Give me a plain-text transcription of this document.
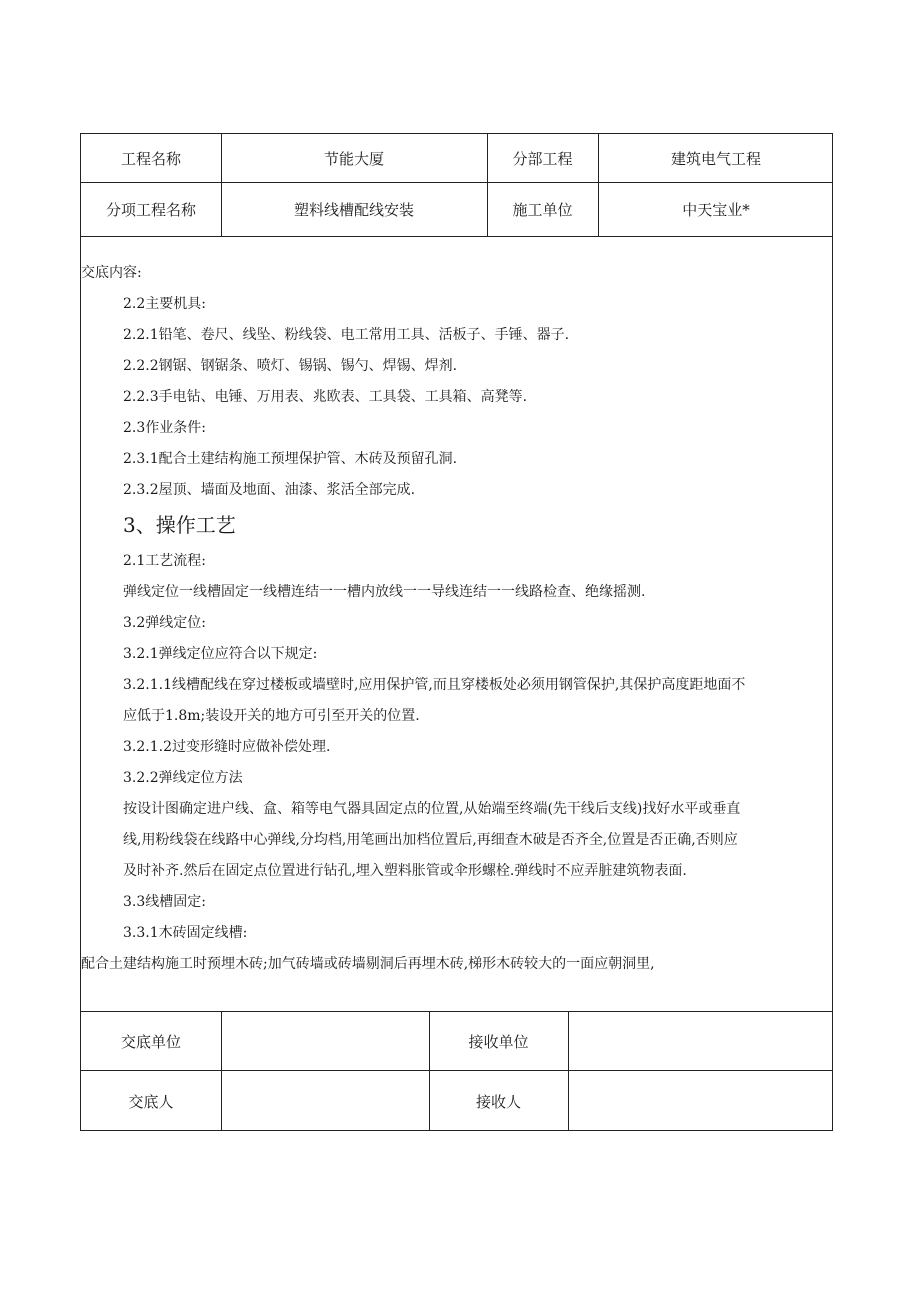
工程名称	节能大厦	分部工程	建筑电气工程
分项工程名称	塑料线槽配线安装	施工单位	中天宝业*
交底内容:
2.2主要机具:
2.2.1铅笔、卷尺、线坠、粉线袋、电工常用工具、活板子、手锤、器子.
2.2.2钢锯、钢锯条、喷灯、锡锅、锡勺、焊锡、焊剂.
2.2.3手电钻、电锤、万用表、兆欧表、工具袋、工具箱、高凳等.
2.3作业条件:
2.3.1配合土建结构施工预埋保护管、木砖及预留孔洞.
2.3.2屋顶、墙面及地面、油漆、浆活全部完成.
3、操作工艺
2.1工艺流程:
弹线定位一线槽固定一线槽连结一一槽内放线一一导线连结一一线路检查、绝缘摇测.
3.2弹线定位:
3.2.1弹线定位应符合以下规定:
3.2.1.1线槽配线在穿过楼板或墙壁时,应用保护管,而且穿楼板处必须用钢管保护,其保护高度距地面不
应低于1.8m;装设开关的地方可引至开关的位置.
3.2.1.2过变形缝时应做补偿处理.
3.2.2弹线定位方法
按设计图确定进户线、盒、箱等电气器具固定点的位置,从始端至终端(先干线后支线)找好水平或垂直
线,用粉线袋在线路中心弹线,分均档,用笔画出加档位置后,再细查木破是否齐全,位置是否正确,否则应
及时补齐.然后在固定点位置进行钻孔,埋入塑料胀管或伞形螺栓.弹线时不应弄脏建筑物表面.
3.3线槽固定:
3.3.1木砖固定线槽:
配合土建结构施工时预埋木砖;加气砖墙或砖墙剔洞后再埋木砖,梯形木砖较大的一面应朝洞里,
交底单位	接收单位
交底人	接收人
